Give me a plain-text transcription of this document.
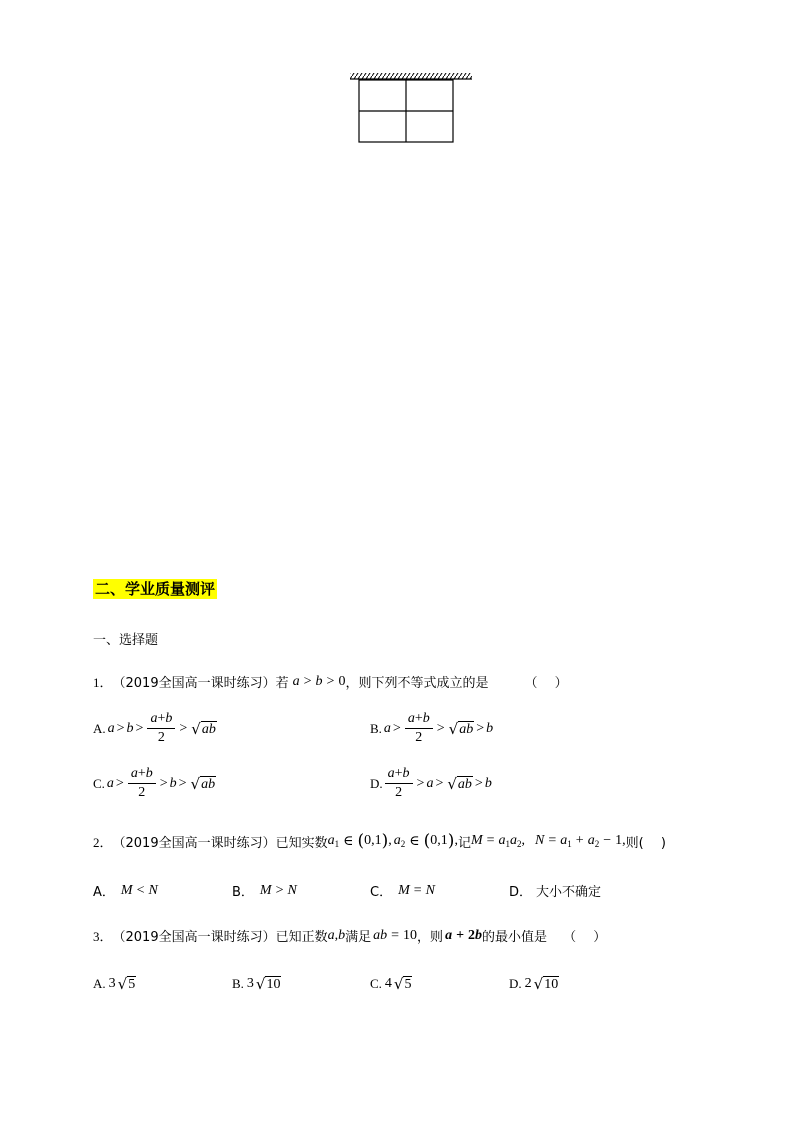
二、学业质量测评
一、选择题
1． （2019全国高一课时练习） 若 a > b > 0 ，则下列不等式成立的是	（　 ）
A. $a > b > \frac{a+b}{2}$ > √ ab	B. $a > \frac{a+b}{2}$ > √ ab > b
C. $a > \frac{a+b}{2} > b$ > √ ab	D. $\frac{a+b}{2} > a$ > √ ab > b
2． （2019全国高一课时练习） 已知实数 $a_1$ ∈ ( 0,1 ) , $a_2$ ∈ ( 0,1 ) , 记 $M = a_1a_2$ , $N = a_1 + a_2 - 1$ , 则 (　 )
A． M < N	B． M > N	C． M = N	D． 大小不确定
3． （2019全国高一课时练习） 已知正数 a , b 满足 ab = 10 ，则 a + 2 b 的最小值是 （　 ）
A. 3 √ 5	B. 3 √ 10	C. 4 √ 5	D. 2 √ 10
